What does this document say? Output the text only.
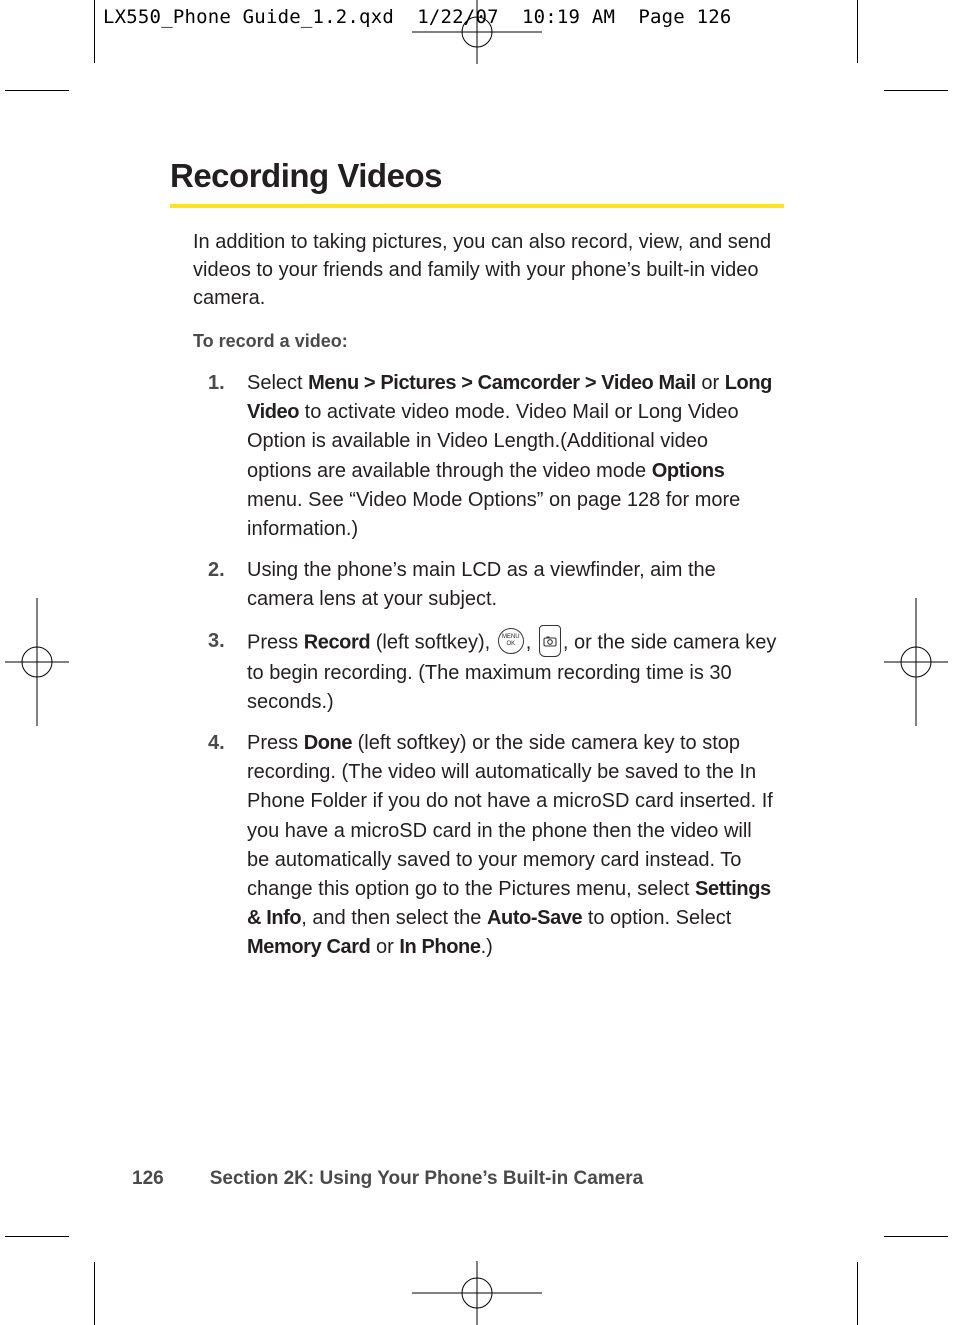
LX550_Phone Guide_1.2.qxd  1/22/07  10:19 AM  Page 126
Recording Videos

In addition to taking pictures, you can also record, view, and send videos to your friends and family with your phone’s built-in video camera.

To record a video:

1. Select Menu > Pictures > Camcorder > Video Mail or Long Video to activate video mode. Video Mail or Long Video Option is available in Video Length.(Additional video options are available through the video mode Options menu. See “Video Mode Options” on page 128 for more information.)
2. Using the phone’s main LCD as a viewfinder, aim the camera lens at your subject.
3. Press Record (left softkey), MENU OK , , or the side camera key to begin recording. (The maximum recording time is 30 seconds.)
4. Press Done (left softkey) or the side camera key to stop recording. (The video will automatically be saved to the In Phone Folder if you do not have a microSD card inserted. If you have a microSD card in the phone then the video will be automatically saved to your memory card instead. To change this option go to the Pictures menu, select Settings & Info, and then select the Auto-Save to option. Select Memory Card or In Phone.)
126 Section 2K: Using Your Phone’s Built-in Camera
